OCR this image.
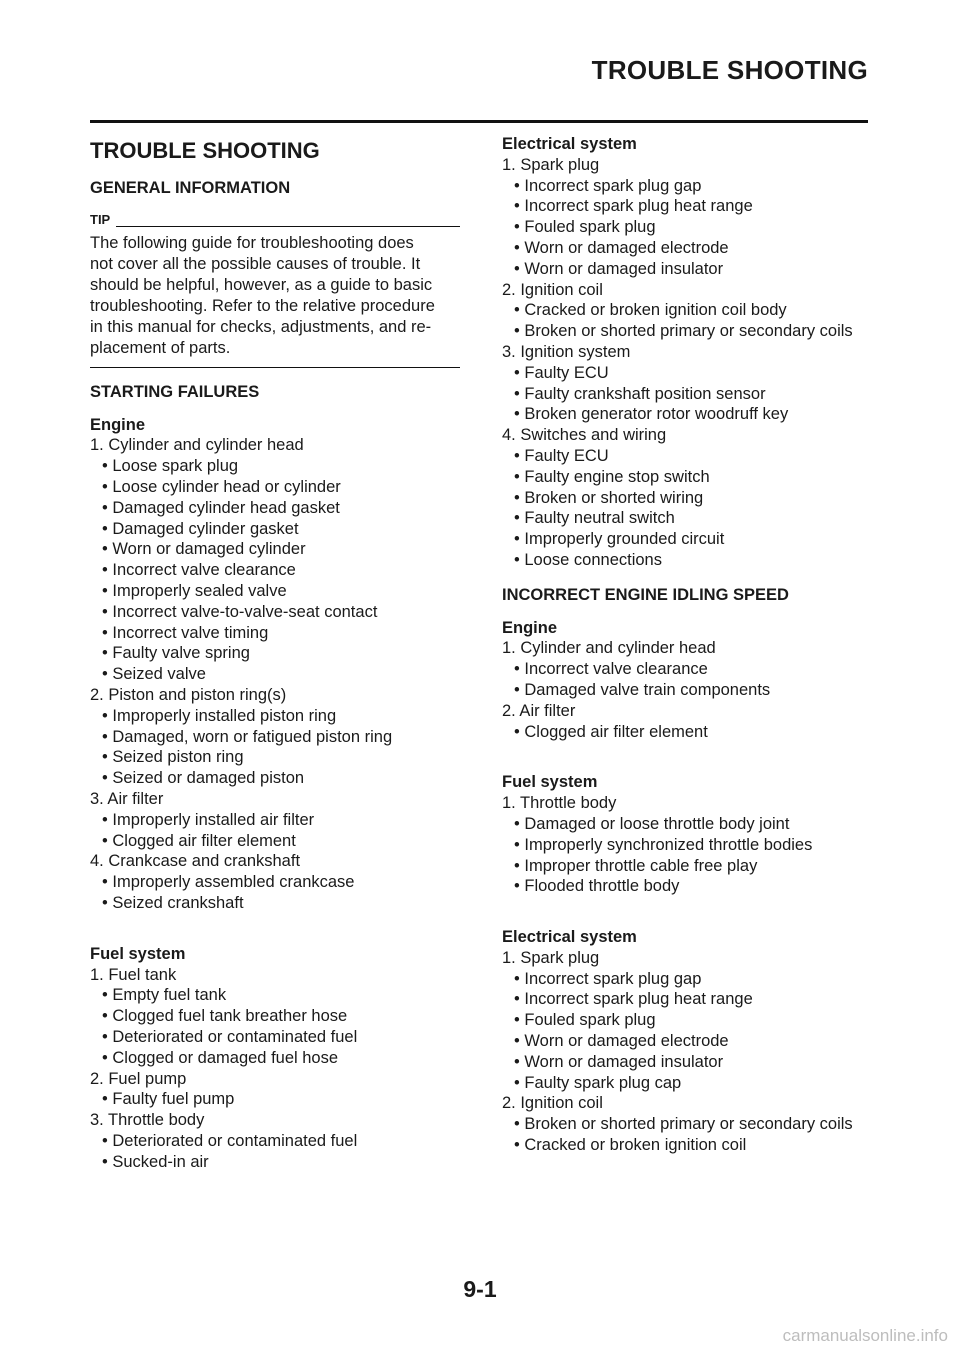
TROUBLE SHOOTING
TROUBLE SHOOTING
GENERAL INFORMATION
TIP
The following guide for troubleshooting does
not cover all the possible causes of trouble. It
should be helpful, however, as a guide to basic
troubleshooting. Refer to the relative procedure
in this manual for checks, adjustments, and re-
placement of parts.
STARTING FAILURES
Engine
1. Cylinder and cylinder head
• Loose spark plug
• Loose cylinder head or cylinder
• Damaged cylinder head gasket
• Damaged cylinder gasket
• Worn or damaged cylinder
• Incorrect valve clearance
• Improperly sealed valve
• Incorrect valve-to-valve-seat contact
• Incorrect valve timing
• Faulty valve spring
• Seized valve
2. Piston and piston ring(s)
• Improperly installed piston ring
• Damaged, worn or fatigued piston ring
• Seized piston ring
• Seized or damaged piston
3. Air filter
• Improperly installed air filter
• Clogged air filter element
4. Crankcase and crankshaft
• Improperly assembled crankcase
• Seized crankshaft
Fuel system
1. Fuel tank
• Empty fuel tank
• Clogged fuel tank breather hose
• Deteriorated or contaminated fuel
• Clogged or damaged fuel hose
2. Fuel pump
• Faulty fuel pump
3. Throttle body
• Deteriorated or contaminated fuel
• Sucked-in air
Electrical system
1. Spark plug
• Incorrect spark plug gap
• Incorrect spark plug heat range
• Fouled spark plug
• Worn or damaged electrode
• Worn or damaged insulator
2. Ignition coil
• Cracked or broken ignition coil body
• Broken or shorted primary or secondary coils
3. Ignition system
• Faulty ECU
• Faulty crankshaft position sensor
• Broken generator rotor woodruff key
4. Switches and wiring
• Faulty ECU
• Faulty engine stop switch
• Broken or shorted wiring
• Faulty neutral switch
• Improperly grounded circuit
• Loose connections
INCORRECT ENGINE IDLING SPEED
Engine
1. Cylinder and cylinder head
• Incorrect valve clearance
• Damaged valve train components
2. Air filter
• Clogged air filter element
Fuel system
1. Throttle body
• Damaged or loose throttle body joint
• Improperly synchronized throttle bodies
• Improper throttle cable free play
• Flooded throttle body
Electrical system
1. Spark plug
• Incorrect spark plug gap
• Incorrect spark plug heat range
• Fouled spark plug
• Worn or damaged electrode
• Worn or damaged insulator
• Faulty spark plug cap
2. Ignition coil
• Broken or shorted primary or secondary coils
• Cracked or broken ignition coil
9-1
carmanualsonline.info
